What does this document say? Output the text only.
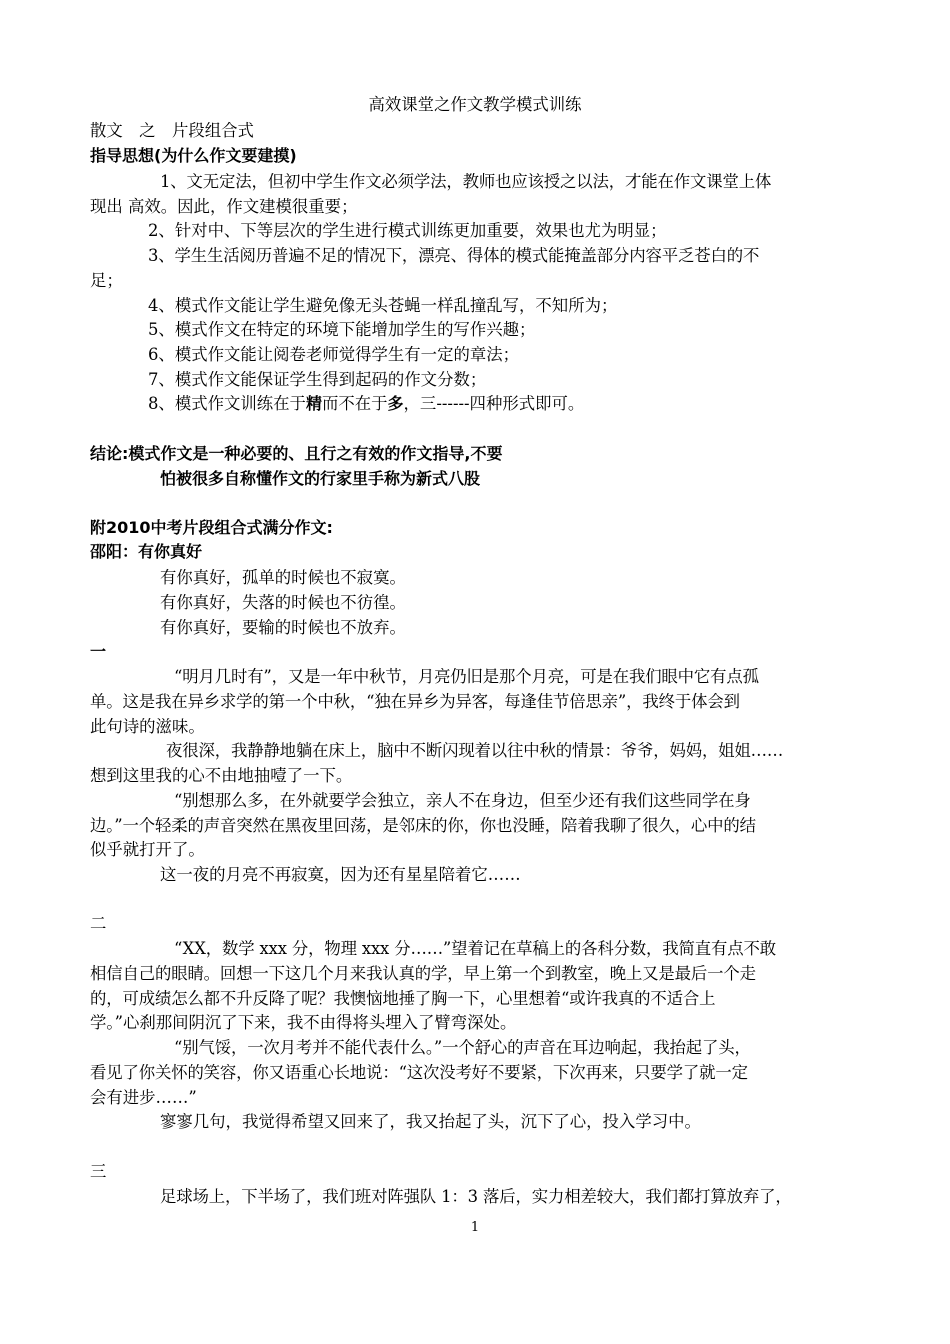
高效课堂之作文教学模式训练
散文　之　片段组合式
指导思想(为什么作文要建摸)
1、文无定法，但初中学生作文必须学法，教师也应该授之以法，才能在作文课堂上体
现出 高效。因此，作文建模很重要；
2、针对中、下等层次的学生进行模式训练更加重要，效果也尤为明显；
3、学生生活阅历普遍不足的情况下，漂亮、得体的模式能掩盖部分内容平乏苍白的不
足；
4、模式作文能让学生避免像无头苍蝇一样乱撞乱写，不知所为；
5、模式作文在特定的环境下能增加学生的写作兴趣；
6、模式作文能让阅卷老师觉得学生有一定的章法；
7、模式作文能保证学生得到起码的作文分数；
8、模式作文训练在于精而不在于多，三------四种形式即可。
结论:模式作文是一种必要的、且行之有效的作文指导,不要
怕被很多自称懂作文的行家里手称为新式八股
附2010中考片段组合式满分作文:
邵阳：有你真好
有你真好，孤单的时候也不寂寞。
有你真好，失落的时候也不彷徨。
有你真好，要输的时候也不放弃。
一
“明月几时有”，又是一年中秋节，月亮仍旧是那个月亮，可是在我们眼中它有点孤
单。这是我在异乡求学的第一个中秋，“独在异乡为异客，每逢佳节倍思亲”，我终于体会到
此句诗的滋味。
夜很深，我静静地躺在床上，脑中不断闪现着以往中秋的情景：爷爷，妈妈，姐姐……
想到这里我的心不由地抽噎了一下。
“别想那么多，在外就要学会独立，亲人不在身边，但至少还有我们这些同学在身
边。”一个轻柔的声音突然在黑夜里回荡，是邻床的你，你也没睡，陪着我聊了很久，心中的结
似乎就打开了。
这一夜的月亮不再寂寞，因为还有星星陪着它……
二
“XX，数学 xxx 分，物理 xxx 分……”望着记在草稿上的各科分数，我简直有点不敢
相信自己的眼睛。回想一下这几个月来我认真的学，早上第一个到教室，晚上又是最后一个走
的，可成绩怎么都不升反降了呢？我懊恼地捶了胸一下，心里想着“或许我真的不适合上
学。”心刹那间阴沉了下来，我不由得将头埋入了臂弯深处。
“别气馁，一次月考并不能代表什么。”一个舒心的声音在耳边响起，我抬起了头，
看见了你关怀的笑容，你又语重心长地说：“这次没考好不要紧，下次再来，只要学了就一定
会有进步……”
寥寥几句，我觉得希望又回来了，我又抬起了头，沉下了心，投入学习中。
三
足球场上，下半场了，我们班对阵强队 1：3 落后，实力相差较大，我们都打算放弃了，
1
